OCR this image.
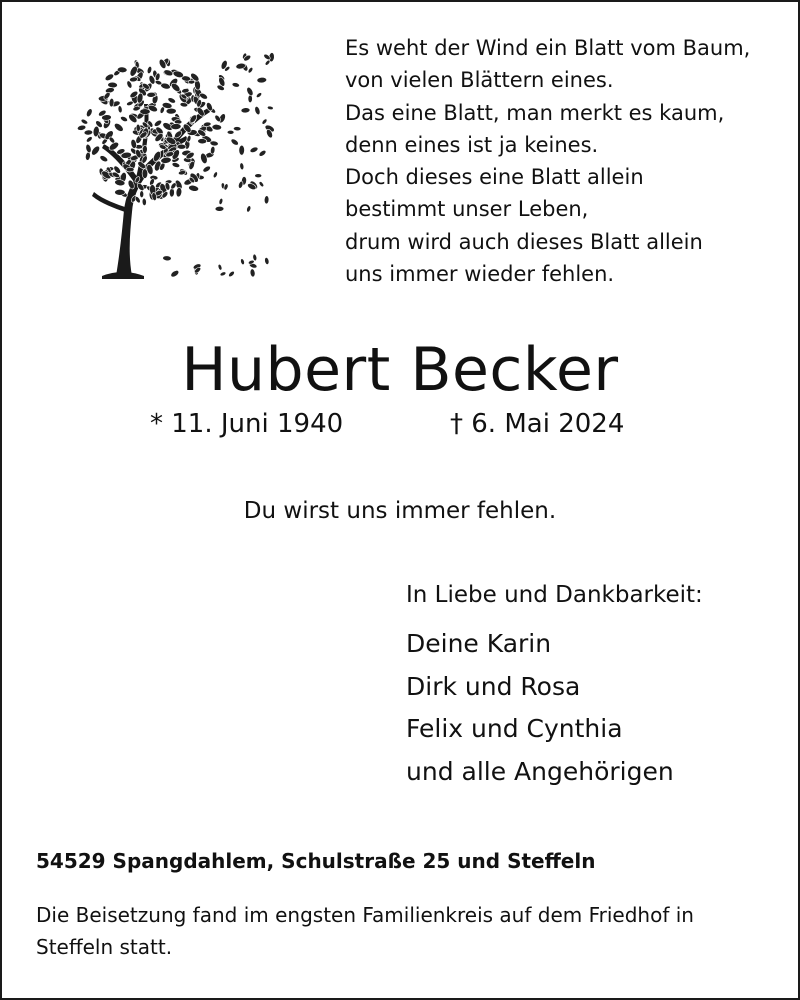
Es weht der Wind ein Blatt vom Baum,
von vielen Blättern eines.
Das eine Blatt, man merkt es kaum,
denn eines ist ja keines.
Doch dieses eine Blatt allein
bestimmt unser Leben,
drum wird auch dieses Blatt allein
uns immer wieder fehlen.
Hubert Becker
* 11. Juni 1940	† 6. Mai 2024
Du wirst uns immer fehlen.
In Liebe und Dankbarkeit:
Deine Karin
Dirk und Rosa
Felix und Cynthia
und alle Angehörigen
54529 Spangdahlem, Schulstraße 25 und Steffeln
Die Beisetzung fand im engsten Familienkreis auf dem Friedhof in Steffeln statt.
